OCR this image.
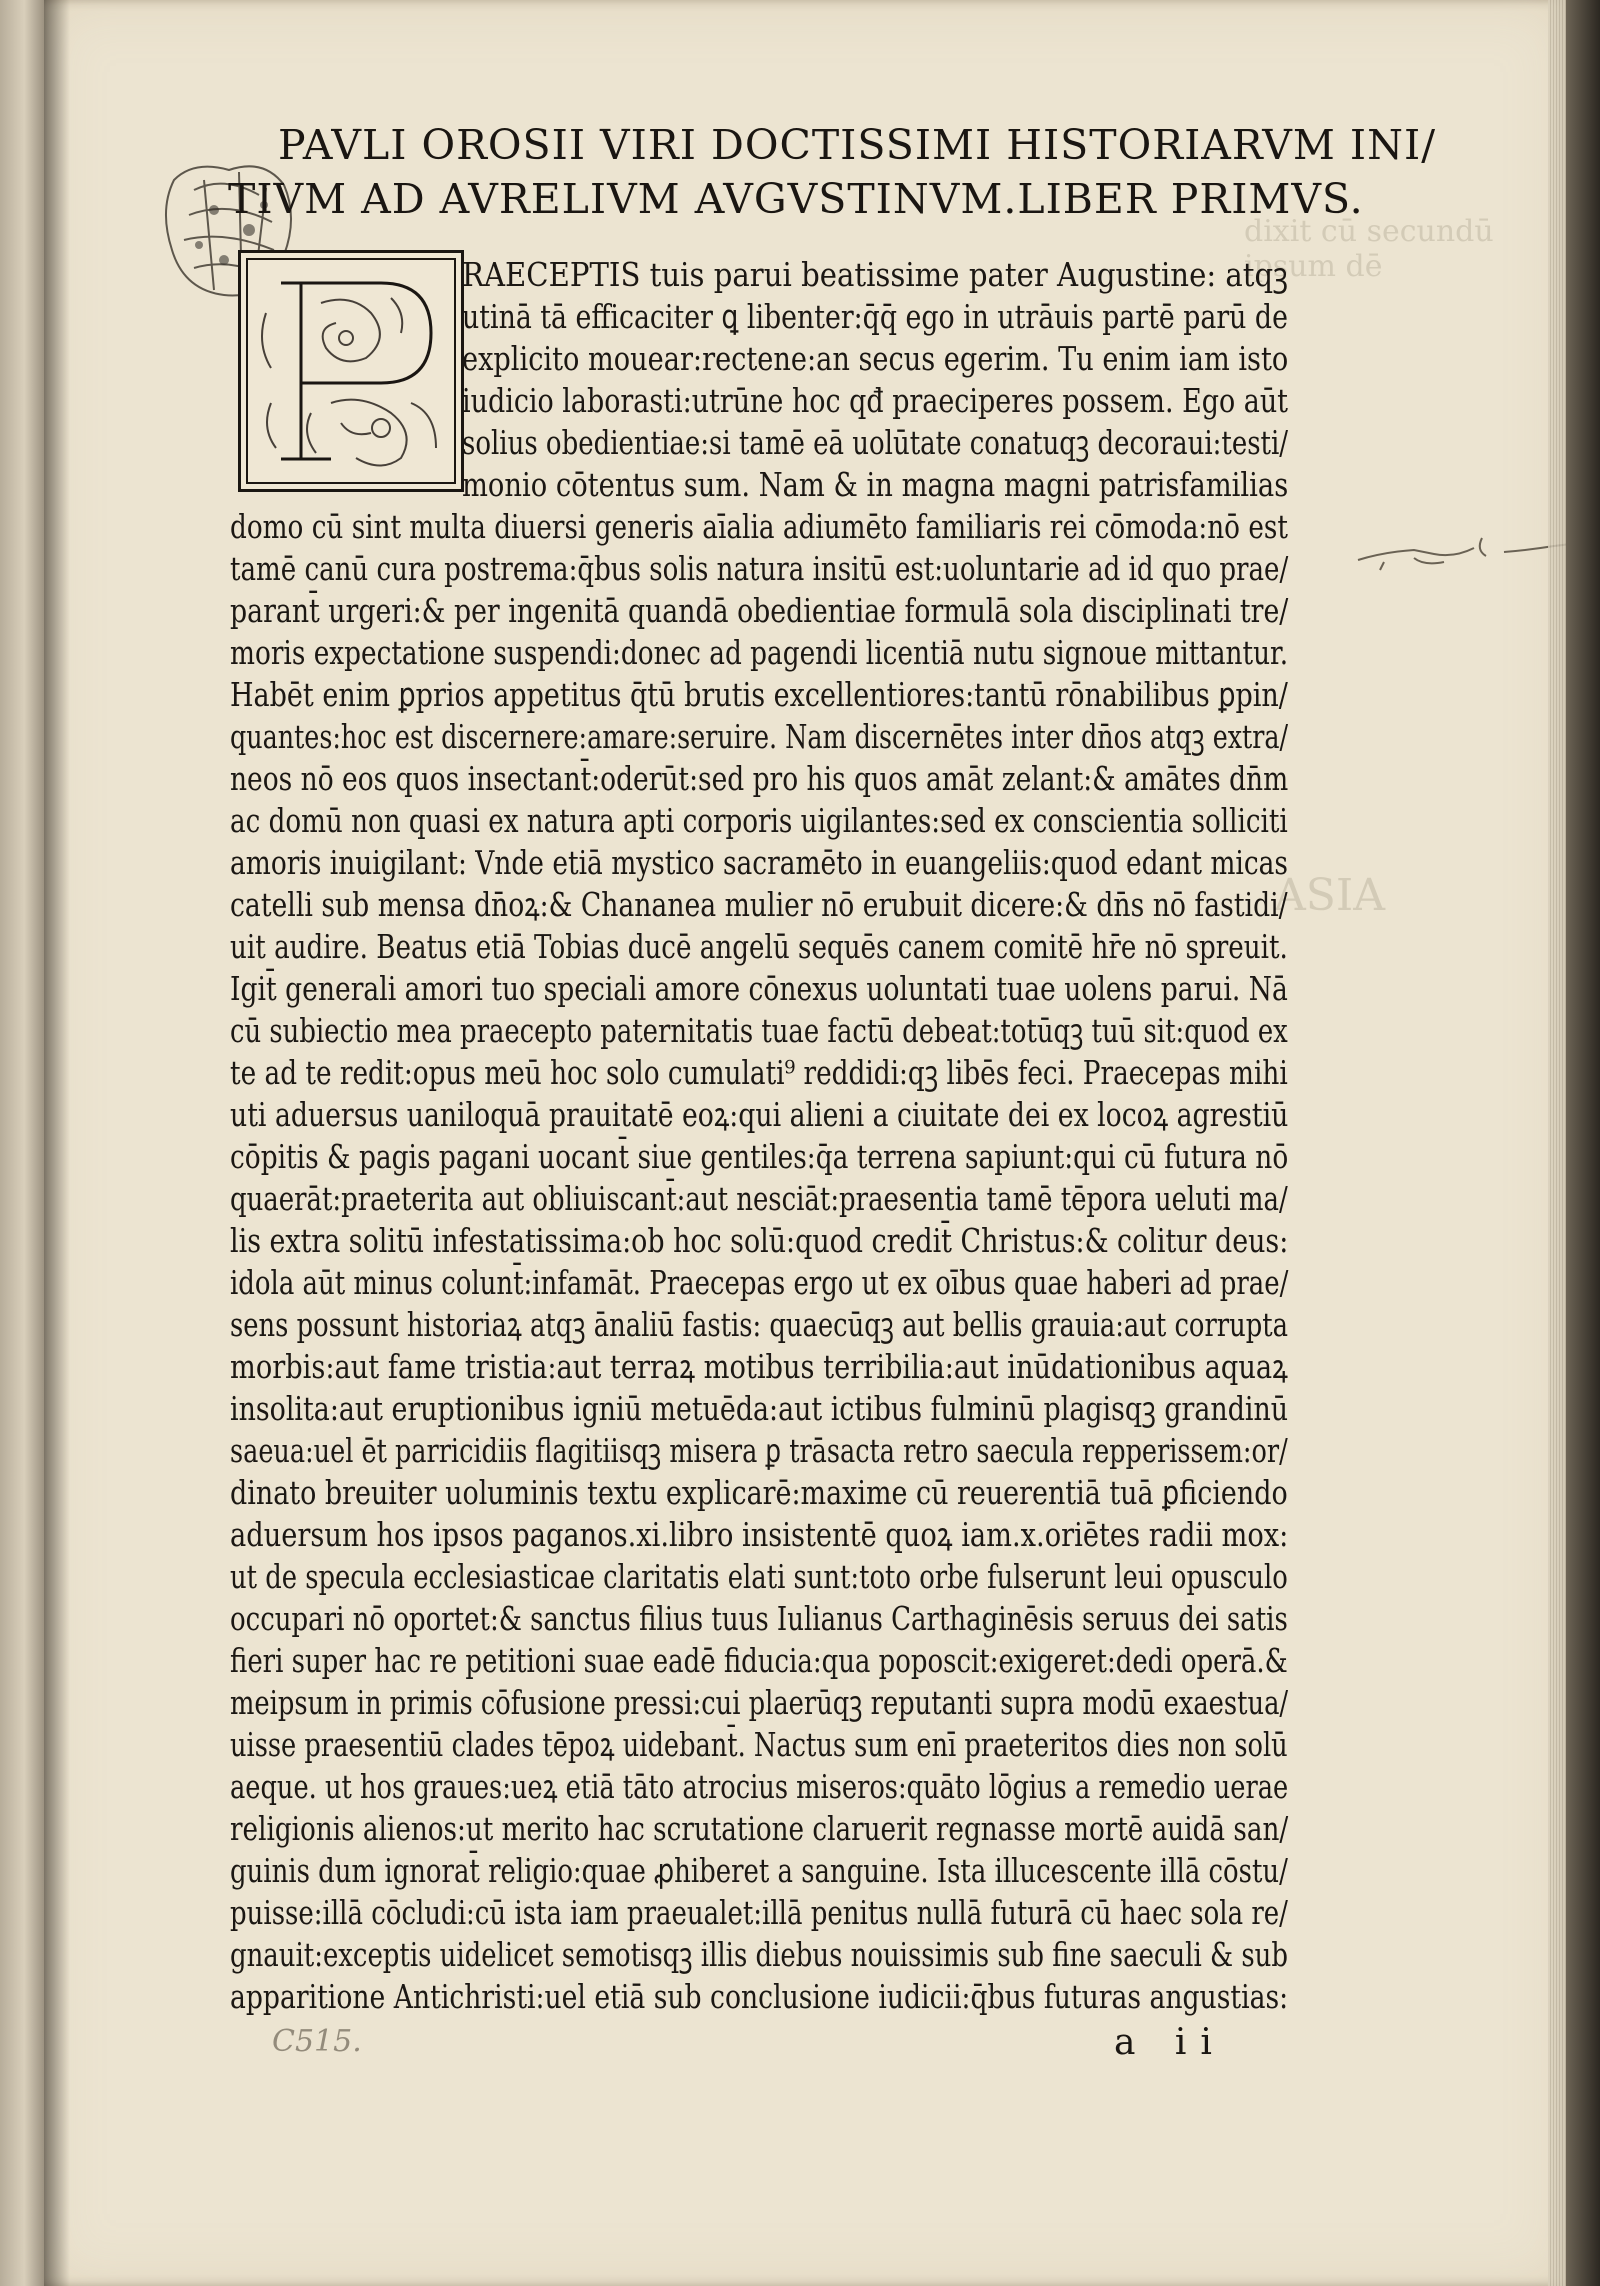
dixit cū secundū ipsum dē
ASIA
PAVLI OROSII VIRI DOCTISSIMI HISTORIARVM INI/
TIVM AD AVRELIVM AVGVSTINVM. LIBER PRIMVS.
RAECEPTIS tuis parui beatissime pater Augustine: atqꝫ
utinā tā efficaciter ꝗ libenter:q̄q̄ ego in utrāuis partē parū de
explicito mouear:rectene:an secus egerim. Tu enim iam isto
iudicio laborasti:utrūne hoc qđ praeciperes possem. Ego aūt
solius obedientiae:si tamē eā uolūtate conatuqꝫ decoraui:testi/
monio cōtentus sum. Nam & in magna magni patrisfamilias
domo cū sint multa diuersi generis aīalia adiumēto familiaris rei cōmoda:nō est
tamē canū cura postrema:q̄bus solis natura insitū est:uoluntarie ad id quo prae/
parant̄ urgeri:& per ingenitā quandā obedientiae formulā sola disciplinati tre/
moris expectatione suspendi:donec ad pagendi licentiā nutu signoue mittantur.
Habēt enim ꝑprios appetitus q̄tū brutis excellentiores:tantū rōnabilibus ꝑpin/
quantes:hoc est discernere:amare:seruire. Nam discernētes inter dn̄os atqꝫ extra/
neos nō eos quos insectant̄:oderūt:sed pro his quos amāt zelant:& amātes dn̄m
ac domū non quasi ex natura apti corporis uigilantes:sed ex conscientia solliciti
amoris inuigilant: Vnde etiā mystico sacramēto in euangeliis:quod edant micas
catelli sub mensa dn̄oꝝ:& Chananea mulier nō erubuit dicere:& dn̄s nō fastidi/
uit audire. Beatus etiā Tobias ducē angelū sequēs canem comitē hr̄e nō spreuit.
Igit̄ generali amori tuo speciali amore cōnexus uoluntati tuae uolens parui. Nā
cū subiectio mea praecepto paternitatis tuae factū debeat:totūqꝫ tuū sit:quod ex
te ad te redit:opus meū hoc solo cumulati⁹ reddidi:qꝫ libēs feci. Praecepas mihi
uti aduersus uaniloquā prauitatē eoꝝ:qui alieni a ciuitate dei ex locoꝝ agrestiū
cōpitis & pagis pagani uocant̄ siue gentiles:q̄a terrena sapiunt:qui cū futura nō
quaerāt:praeterita aut obliuiscant̄:aut nesciāt:praesentia tamē tēpora ueluti ma/
lis extra solitū infestatissima:ob hoc solū:quod credit̄ Christus:& colitur deus:
idola aūt minus colunt̄:infamāt. Praecepas ergo ut ex oībus quae haberi ad prae/
sens possunt historiaꝝ atqꝫ ānaliū fastis: quaecūqꝫ aut bellis grauia:aut corrupta
morbis:aut fame tristia:aut terraꝝ motibus terribilia:aut inūdationibus aquaꝝ
insolita:aut eruptionibus igniū metuēda:aut ictibus fulminū plagisqꝫ grandinū
saeua:uel ēt parricidiis flagitiisqꝫ misera ꝑ trāsacta retro saecula repperissem:or/
dinato breuiter uoluminis textu explicarē:maxime cū reuerentiā tuā ꝑficiendo
aduersum hos ipsos paganos.xi.libro insistentē quoꝝ iam.x.oriētes radii mox:
ut de specula ecclesiasticae claritatis elati sunt:toto orbe fulserunt leui opusculo
occupari nō oportet:& sanctus filius tuus Iulianus Carthaginēsis seruus dei satis
fieri super hac re petitioni suae eadē fiducia:qua poposcit:exigeret:dedi operā.&
meipsum in primis cōfusione pressi:cui plaerūqꝫ reputanti supra modū exaestua/
uisse praesentiū clades tēpoꝝ uidebant̄. Nactus sum enī praeteritos dies non solū
aeque. ut hos graues:ueꝝ etiā tāto atrocius miseros:quāto lōgius a remedio uerae
religionis alienos:ut merito hac scrutatione claruerit regnasse mortē auidā san/
guinis dum ignorat̄ religio:quae ꝓhiberet a sanguine. Ista illucescente illā cōstu/
puisse:illā cōcludi:cū ista iam praeualet:illā penitus nullā futurā cū haec sola re/
gnauit:exceptis uidelicet semotisqꝫ illis diebus nouissimis sub fine saeculi & sub
apparitione Antichristi:uel etiā sub conclusione iudicii:q̄bus futuras angustias:
a ii
C515.
